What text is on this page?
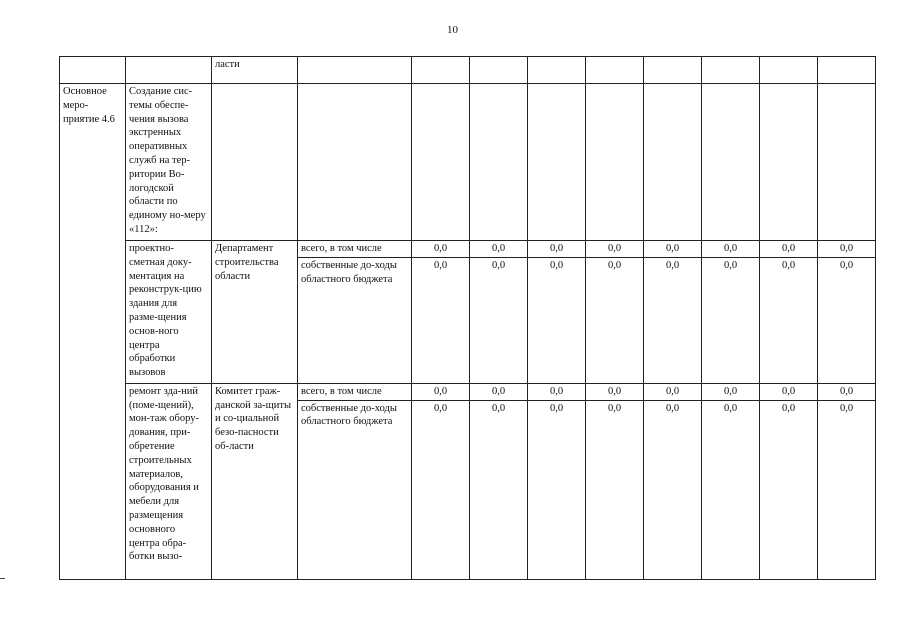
10
		ласти									
Основное меро-приятие 4.6	Создание сис-темы обеспе-чения вызова экстренных оперативных служб на тер-ритории Во-логодской области по единому но-меру «112»:										
	проектно-сметная доку-ментация на реконструк-цию здания для разме-щения основ-ного центра обработки вызовов	Департамент строительства области	всего, в том числе	0,0	0,0	0,0	0,0	0,0	0,0	0,0	0,0
			собственные до-ходы областного бюджета	0,0	0,0	0,0	0,0	0,0	0,0	0,0	0,0
	ремонт зда-ний (поме-щений), мон-таж обору-дования, при-обретение строительных материалов, оборудования и мебели для размещения основного центра обра-ботки вызо-	Комитет граж-данской за-щиты и со-циальной безо-пасности об-ласти	всего, в том числе	0,0	0,0	0,0	0,0	0,0	0,0	0,0	0,0
			собственные до-ходы областного бюджета	0,0	0,0	0,0	0,0	0,0	0,0	0,0	0,0
